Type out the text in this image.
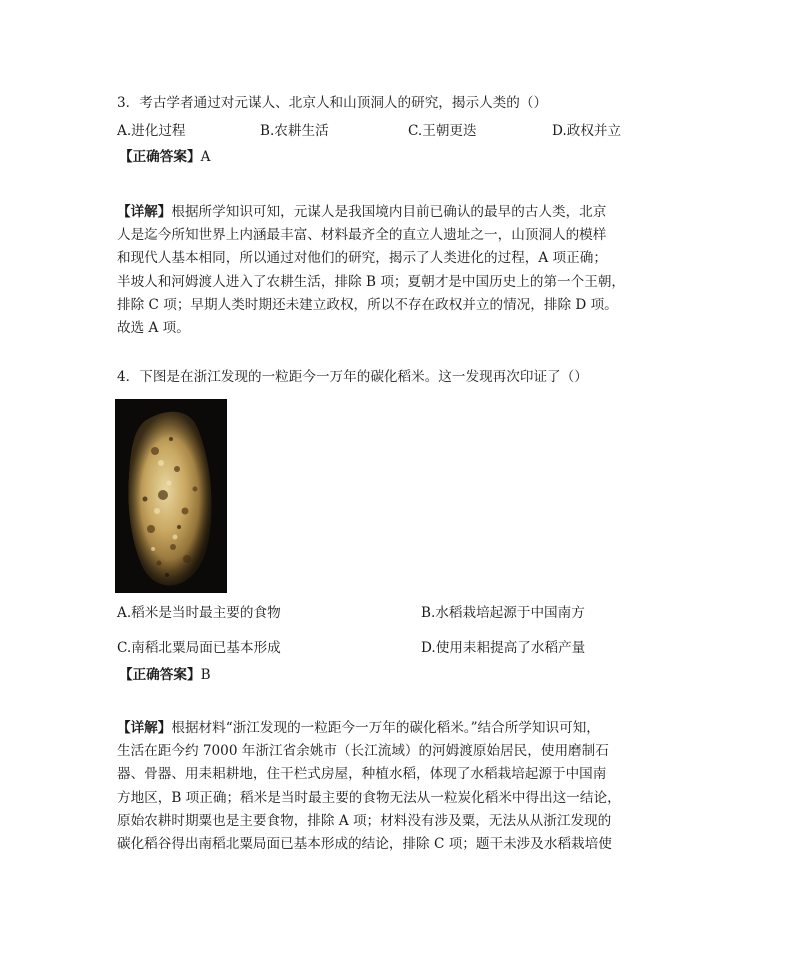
3．考古学者通过对元谋人、北京人和山顶洞人的研究，揭示人类的（）
A.进化过程	B.农耕生活	C.王朝更迭	D.政权并立
【正确答案】A
【详解】根据所学知识可知，元谋人是我国境内目前已确认的最早的古人类，北京
人是迄今所知世界上内涵最丰富、材料最齐全的直立人遗址之一，山顶洞人的模样
和现代人基本相同，所以通过对他们的研究，揭示了人类进化的过程，A 项正确；
半坡人和河姆渡人进入了农耕生活，排除 B 项；夏朝才是中国历史上的第一个王朝，
排除 C 项；早期人类时期还未建立政权，所以不存在政权并立的情况，排除 D 项。
故选 A 项。
4．下图是在浙江发现的一粒距今一万年的碳化稻米。这一发现再次印证了（）
A.稻米是当时最主要的食物	B.水稻栽培起源于中国南方
C.南稻北粟局面已基本形成	D.使用耒耜提高了水稻产量
【正确答案】B
【详解】根据材料“浙江发现的一粒距今一万年的碳化稻米。”结合所学知识可知，
生活在距今约 7000 年浙江省余姚市（长江流域）的河姆渡原始居民，使用磨制石
器、骨器、用耒耜耕地，住干栏式房屋，种植水稻，体现了水稻栽培起源于中国南
方地区，B 项正确；稻米是当时最主要的食物无法从一粒炭化稻米中得出这一结论，
原始农耕时期粟也是主要食物，排除 A 项；材料没有涉及粟，无法从从浙江发现的
碳化稻谷得出南稻北粟局面已基本形成的结论，排除 C 项；题干未涉及水稻栽培使
